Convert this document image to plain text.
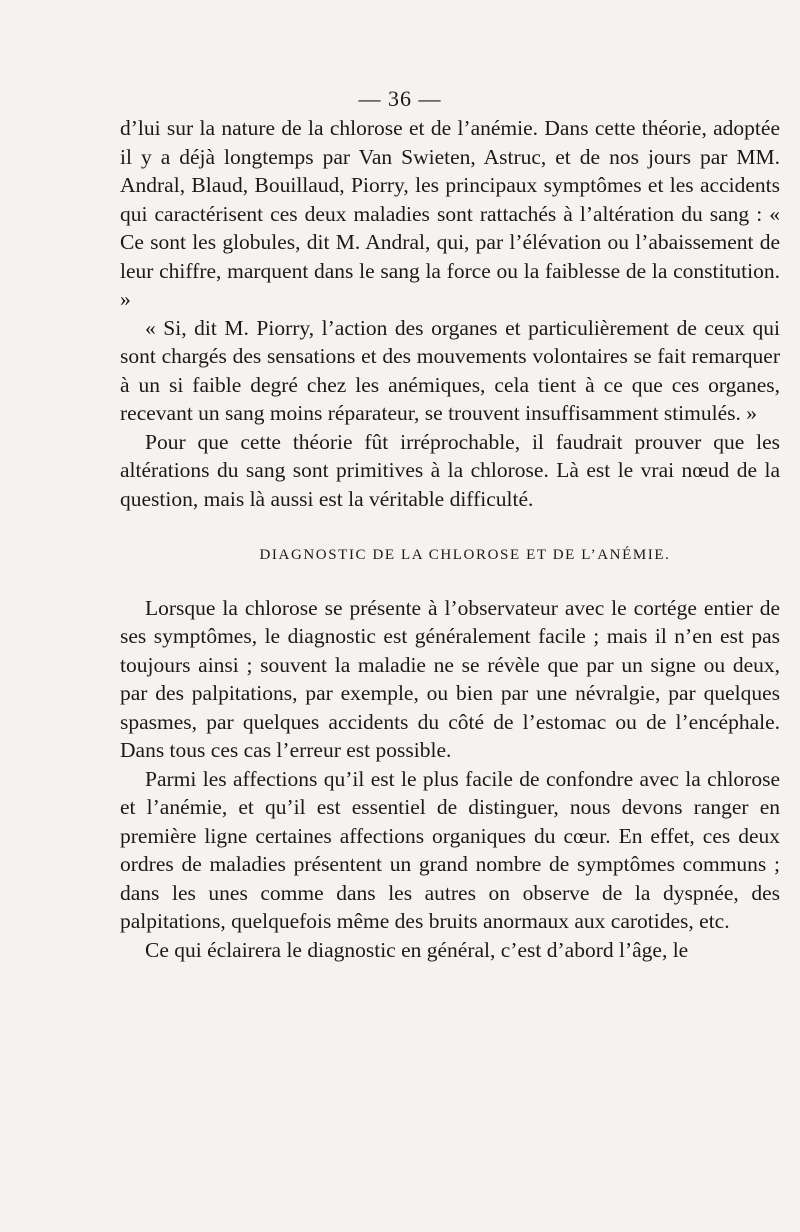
— 36 —

d’lui sur la nature de la chlorose et de l’anémie. Dans cette théorie, adoptée il y a déjà longtemps par Van Swieten, Astruc, et de nos jours par MM. Andral, Blaud, Bouillaud, Piorry, les principaux symptômes et les accidents qui caractérisent ces deux maladies sont rattachés à l’altération du sang : « Ce sont les globules, dit M. Andral, qui, par l’élévation ou l’abaissement de leur chiffre, marquent dans le sang la force ou la faiblesse de la constitution. »

« Si, dit M. Piorry, l’action des organes et particulièrement de ceux qui sont chargés des sensations et des mouvements volontaires se fait remarquer à un si faible degré chez les anémiques, cela tient à ce que ces organes, recevant un sang moins réparateur, se trouvent insuffisamment stimulés. »

Pour que cette théorie fût irréprochable, il faudrait prouver que les altérations du sang sont primitives à la chlorose. Là est le vrai nœud de la question, mais là aussi est la véritable difficulté.

DIAGNOSTIC DE LA CHLOROSE ET DE L’ANÉMIE.

Lorsque la chlorose se présente à l’observateur avec le cortége entier de ses symptômes, le diagnostic est généralement facile ; mais il n’en est pas toujours ainsi ; souvent la maladie ne se révèle que par un signe ou deux, par des palpitations, par exemple, ou bien par une névralgie, par quelques spasmes, par quelques accidents du côté de l’estomac ou de l’encéphale. Dans tous ces cas l’erreur est possible.

Parmi les affections qu’il est le plus facile de confondre avec la chlorose et l’anémie, et qu’il est essentiel de distinguer, nous devons ranger en première ligne certaines affections organiques du cœur. En effet, ces deux ordres de maladies présentent un grand nombre de symptômes communs ; dans les unes comme dans les autres on observe de la dyspnée, des palpitations, quelquefois même des bruits anormaux aux carotides, etc.

Ce qui éclairera le diagnostic en général, c’est d’abord l’âge, le
